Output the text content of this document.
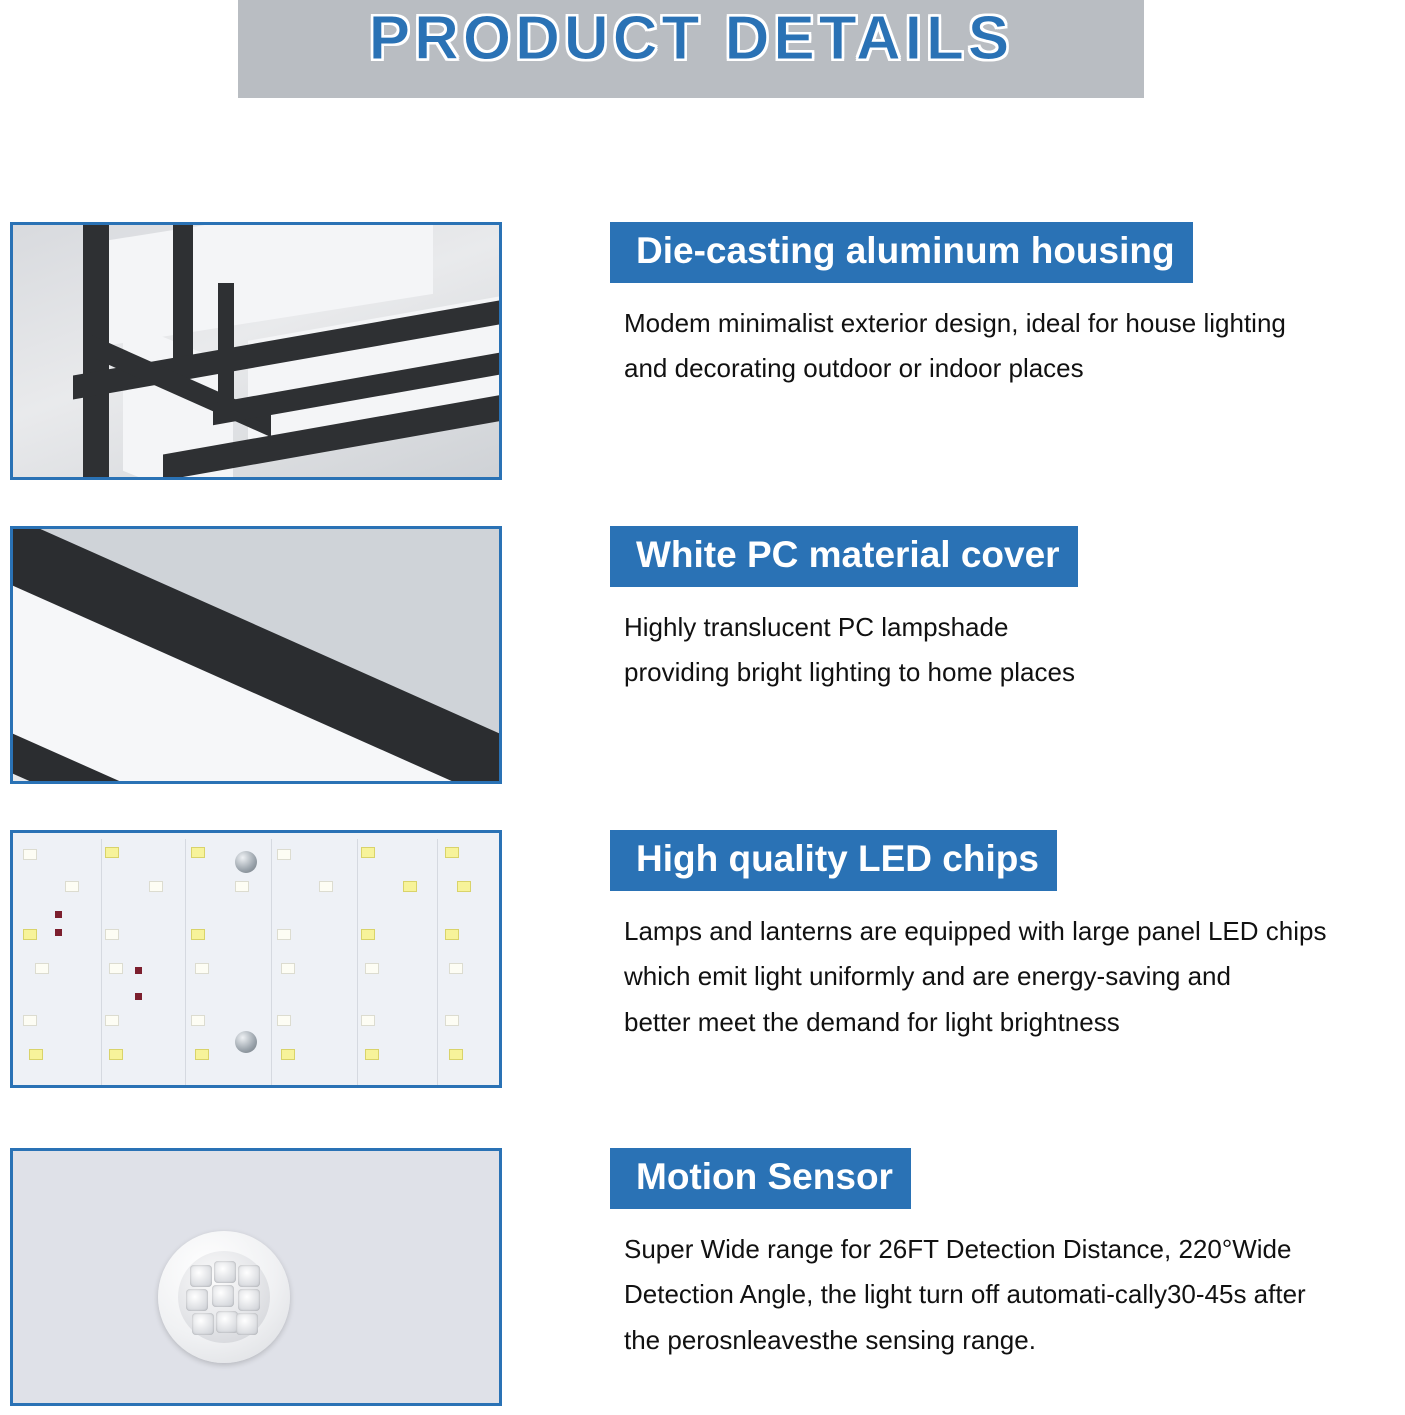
PRODUCT DETAILS
Die-casting aluminum housing
Modem minimalist exterior design, ideal for house lighting
and decorating outdoor or indoor places
White PC material cover
Highly translucent PC lampshade
providing bright lighting to home places
High quality LED chips
Lamps and lanterns are equipped with large panel LED chips
which emit light uniformly and are energy-saving and
better meet the demand for light brightness
Motion Sensor
Super Wide range for 26FT Detection Distance, 220°Wide
Detection Angle, the light turn off automati-cally30-45s after
the perosnleavesthe sensing range.
